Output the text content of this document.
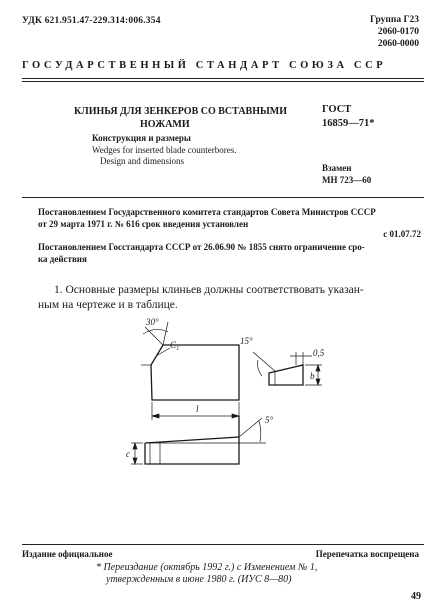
УДК 621.951.47-229.314:006.354	Группа Г23
2060-0170
2060-0000
ГОСУДАРСТВЕННЫЙ СТАНДАРТ СОЮЗА ССР
КЛИНЬЯ ДЛЯ ЗЕНКЕРОВ СО ВСТАВНЫМИ
НОЖАМИ
Конструкция и размеры
Wedges for inserted blade counterbores.
Design and dimensions
ГОСТ
16859—71*
Взамен
МН 723—60
Постановлением Государственного комитета стандартов Совета Министров СССР
от 29 марта 1971 г. № 616 срок введения установлен
с 01.07.72
Постановлением Госстандарта СССР от 26.06.90 № 1855 снято ограничение сро-
ка действия
1. Основные размеры клиньев должны соответствовать указан-
ным на чертеже и в таблице.
30°
C₁
l
15°
0,5
b
5°
c
Издание официальное	Перепечатка воспрещена
* Переиздание (октябрь 1992 г.) с Изменением № 1,
утвержденным в июне 1980 г. (ИУС 8—80)
49
